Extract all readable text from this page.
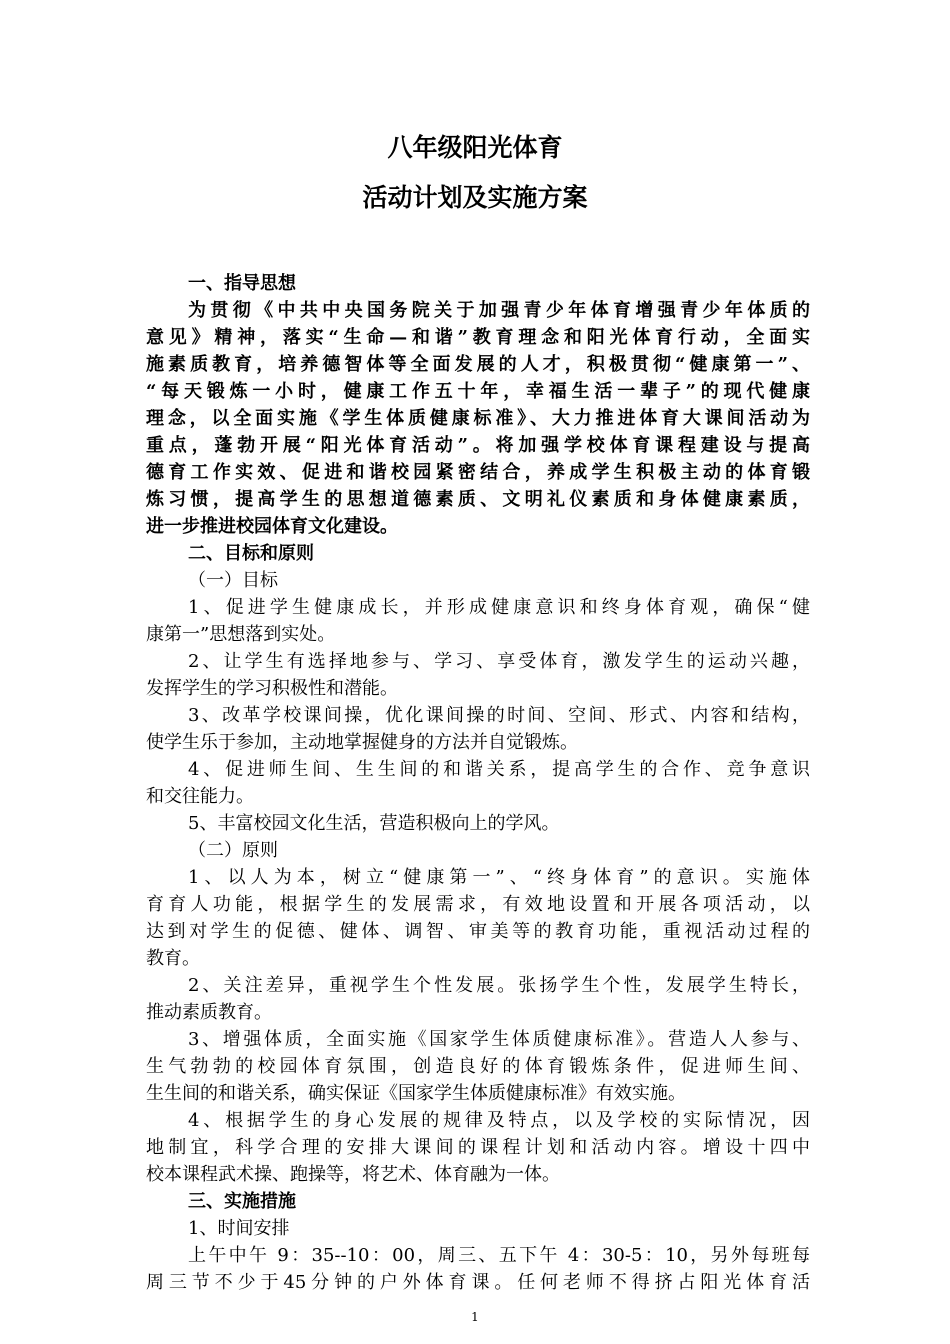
八年级阳光体育
活动计划及实施方案
一、指导思想
为贯彻《中共中央国务院关于加强青少年体育增强青少年体质的
意见》精神，落实“生命—和谐”教育理念和阳光体育行动，全面实
施素质教育，培养德智体等全面发展的人才，积极贯彻“健康第一”、
“每天锻炼一小时，健康工作五十年，幸福生活一辈子”的现代健康
理念，以全面实施《学生体质健康标准》、大力推进体育大课间活动为
重点，蓬勃开展“阳光体育活动”。将加强学校体育课程建设与提高
德育工作实效、促进和谐校园紧密结合，养成学生积极主动的体育锻
炼习惯，提高学生的思想道德素质、文明礼仪素质和身体健康素质，
进一步推进校园体育文化建设。
二、目标和原则
（一）目标
1、促进学生健康成长，并形成健康意识和终身体育观，确保“健
康第一”思想落到实处。
2、让学生有选择地参与、学习、享受体育，激发学生的运动兴趣，
发挥学生的学习积极性和潜能。
3、改革学校课间操，优化课间操的时间、空间、形式、内容和结构，
使学生乐于参加，主动地掌握健身的方法并自觉锻炼。
4、促进师生间、生生间的和谐关系，提高学生的合作、竞争意识
和交往能力。
5、丰富校园文化生活，营造积极向上的学风。
（二）原则
1、以人为本，树立“健康第一”、“终身体育”的意识。实施体
育育人功能，根据学生的发展需求，有效地设置和开展各项活动，以
达到对学生的促德、健体、调智、审美等的教育功能，重视活动过程的
教育。
2、关注差异，重视学生个性发展。张扬学生个性，发展学生特长，
推动素质教育。
3、增强体质，全面实施《国家学生体质健康标准》。营造人人参与、
生气勃勃的校园体育氛围，创造良好的体育锻炼条件，促进师生间、
生生间的和谐关系，确实保证《国家学生体质健康标准》有效实施。
4、根据学生的身心发展的规律及特点，以及学校的实际情况，因
地制宜，科学合理的安排大课间的课程计划和活动内容。增设十四中
校本课程武术操、跑操等，将艺术、体育融为一体。
三、实施措施
1、时间安排
上午中午 9：35--10：00，周三、五下午 4：30-5：10，另外每班每
周三节不少于45分钟的户外体育课。任何老师不得挤占阳光体育活
1
